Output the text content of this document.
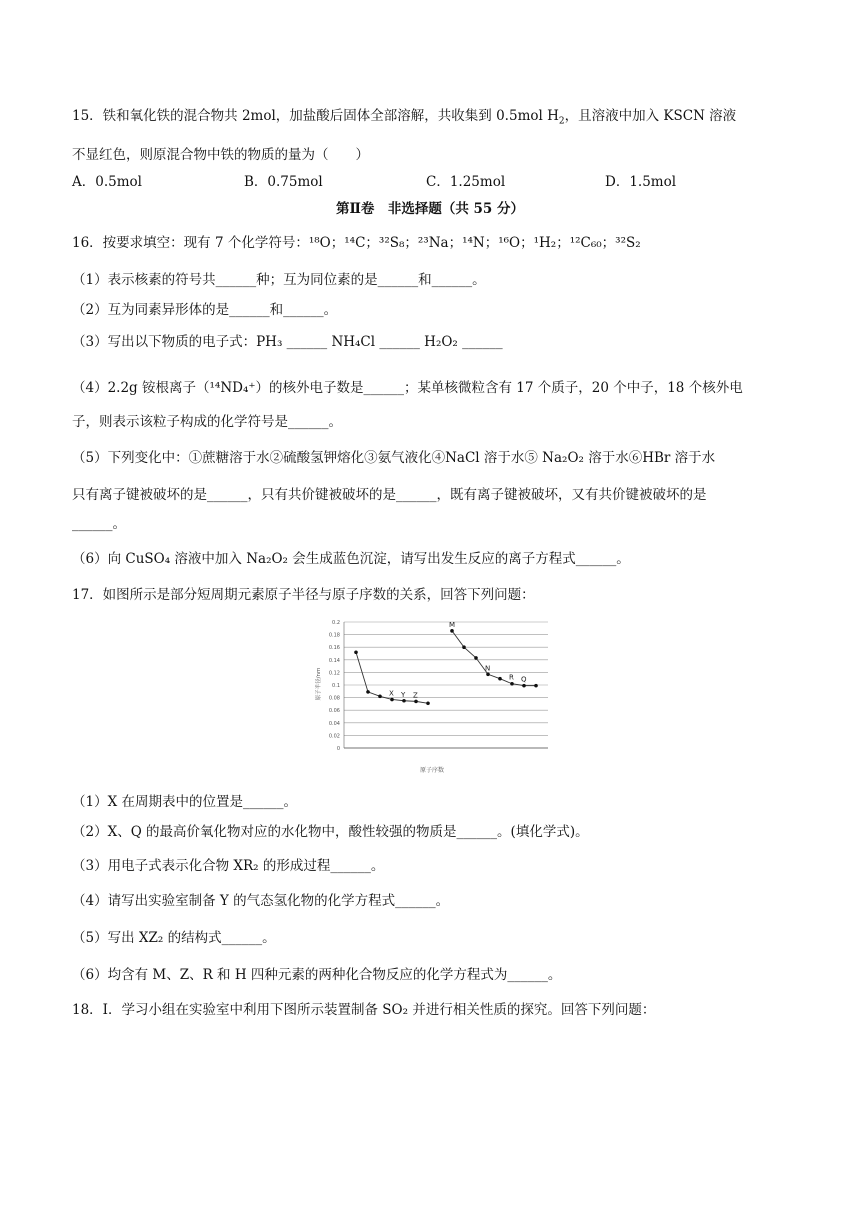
15．铁和氧化铁的混合物共 2mol，加盐酸后固体全部溶解，共收集到 0.5mol $H_2$，且溶液中加入 KSCN 溶液
不显红色，则原混合物中铁的物质的量为（　　）
A．0.5mol	B．0.75mol	C．1.25mol	D．1.5mol
第Ⅱ卷　非选择题（共 55 分）
16．按要求填空：现有 7 个化学符号：¹⁸O；¹⁴C；³²S₈；²³Na；¹⁴N；¹⁶O；¹H₂；¹²C₆₀；³²S₂
（1）表示核素的符号共______种；互为同位素的是______和______。
（2）互为同素异形体的是______和______。
（3）写出以下物质的电子式：PH₃ ______ NH₄Cl ______ H₂O₂ ______
（4）2.2g 铵根离子（¹⁴ND₄⁺）的核外电子数是______；某单核微粒含有 17 个质子，20 个中子，18 个核外电
子，则表示该粒子构成的化学符号是______。
（5）下列变化中：①蔗糖溶于水②硫酸氢钾熔化③氨气液化④NaCl 溶于水⑤ Na₂O₂ 溶于水⑥HBr 溶于水
只有离子键被破坏的是______，只有共价键被破坏的是______，既有离子键被破坏，又有共价键被破坏的是
______。
（6）向 CuSO₄ 溶液中加入 Na₂O₂ 会生成蓝色沉淀，请写出发生反应的离子方程式______。
17．如图所示是部分短周期元素原子半径与原子序数的关系，回答下列问题：
原子序数
0
0.02
0.04
0.06
0.08
0.1
0.12
0.14
0.16
0.18
0.2
原子半径/nm	X Y Z
M
N
R Q
（1）X 在周期表中的位置是______。
（2）X、Q 的最高价氧化物对应的水化物中，酸性较强的物质是______。(填化学式)。
（3）用电子式表示化合物 XR₂ 的形成过程______。
（4）请写出实验室制备 Y 的气态氢化物的化学方程式______。
（5）写出 XZ₂ 的结构式______。
（6）均含有 M、Z、R 和 H 四种元素的两种化合物反应的化学方程式为______。
18．Ⅰ．学习小组在实验室中利用下图所示装置制备 SO₂ 并进行相关性质的探究。回答下列问题：
